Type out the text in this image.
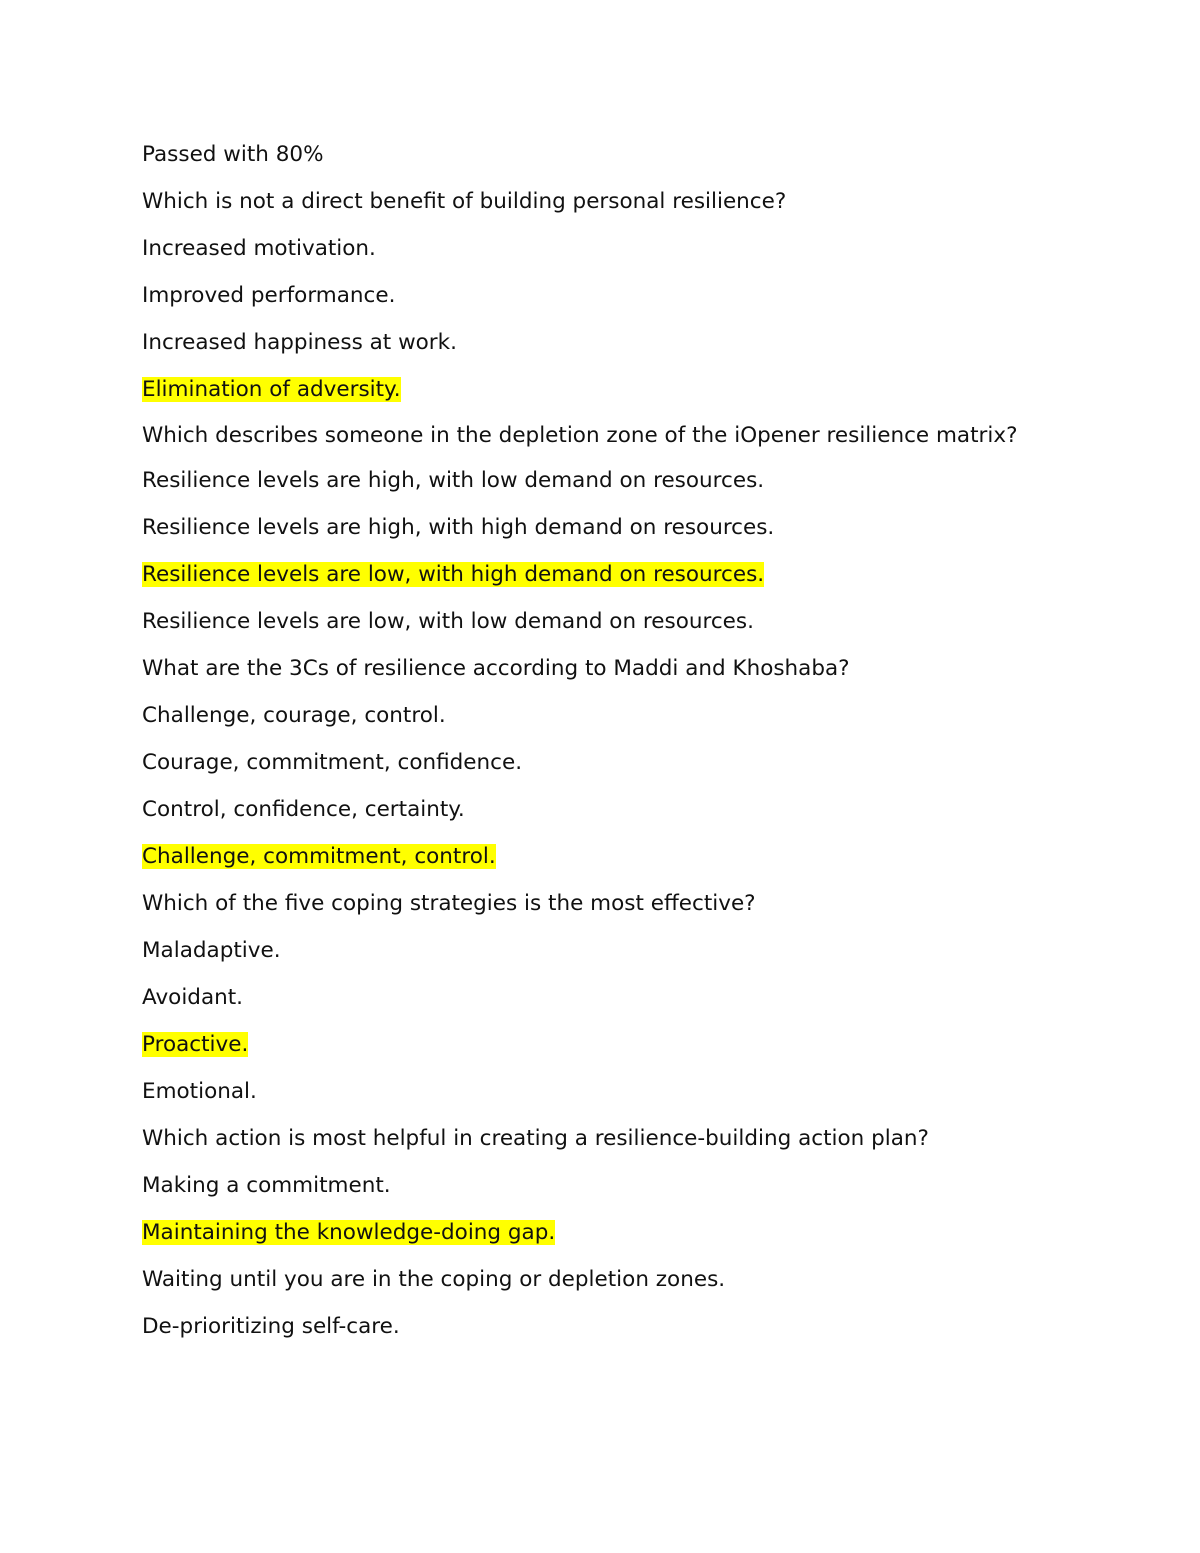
Passed with 80%

Which is not a direct benefit of building personal resilience?

Increased motivation.

Improved performance.

Increased happiness at work.

Elimination of adversity.

Which describes someone in the depletion zone of the iOpener resilience matrix?

Resilience levels are high, with low demand on resources.

Resilience levels are high, with high demand on resources.

Resilience levels are low, with high demand on resources.

Resilience levels are low, with low demand on resources.

What are the 3Cs of resilience according to Maddi and Khoshaba?

Challenge, courage, control.

Courage, commitment, confidence.

Control, confidence, certainty.

Challenge, commitment, control.

Which of the five coping strategies is the most effective?

Maladaptive.

Avoidant.

Proactive.

Emotional.

Which action is most helpful in creating a resilience-building action plan?

Making a commitment.

Maintaining the knowledge-doing gap.

Waiting until you are in the coping or depletion zones.

De-prioritizing self-care.
